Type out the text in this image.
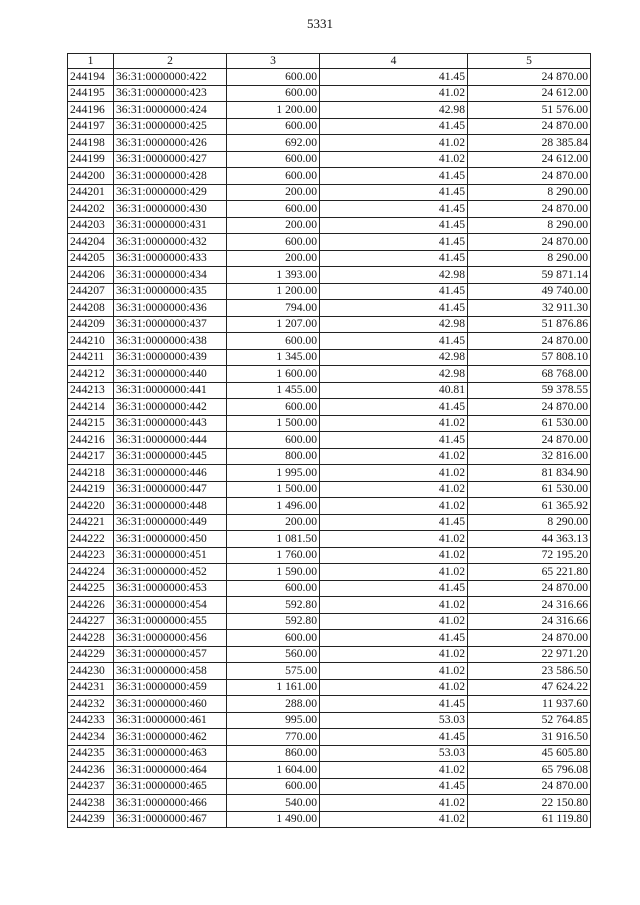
5331
1	2	3	4	5
244194	36:31:0000000:422	600.00	41.45	24 870.00
244195	36:31:0000000:423	600.00	41.02	24 612.00
244196	36:31:0000000:424	1 200.00	42.98	51 576.00
244197	36:31:0000000:425	600.00	41.45	24 870.00
244198	36:31:0000000:426	692.00	41.02	28 385.84
244199	36:31:0000000:427	600.00	41.02	24 612.00
244200	36:31:0000000:428	600.00	41.45	24 870.00
244201	36:31:0000000:429	200.00	41.45	8 290.00
244202	36:31:0000000:430	600.00	41.45	24 870.00
244203	36:31:0000000:431	200.00	41.45	8 290.00
244204	36:31:0000000:432	600.00	41.45	24 870.00
244205	36:31:0000000:433	200.00	41.45	8 290.00
244206	36:31:0000000:434	1 393.00	42.98	59 871.14
244207	36:31:0000000:435	1 200.00	41.45	49 740.00
244208	36:31:0000000:436	794.00	41.45	32 911.30
244209	36:31:0000000:437	1 207.00	42.98	51 876.86
244210	36:31:0000000:438	600.00	41.45	24 870.00
244211	36:31:0000000:439	1 345.00	42.98	57 808.10
244212	36:31:0000000:440	1 600.00	42.98	68 768.00
244213	36:31:0000000:441	1 455.00	40.81	59 378.55
244214	36:31:0000000:442	600.00	41.45	24 870.00
244215	36:31:0000000:443	1 500.00	41.02	61 530.00
244216	36:31:0000000:444	600.00	41.45	24 870.00
244217	36:31:0000000:445	800.00	41.02	32 816.00
244218	36:31:0000000:446	1 995.00	41.02	81 834.90
244219	36:31:0000000:447	1 500.00	41.02	61 530.00
244220	36:31:0000000:448	1 496.00	41.02	61 365.92
244221	36:31:0000000:449	200.00	41.45	8 290.00
244222	36:31:0000000:450	1 081.50	41.02	44 363.13
244223	36:31:0000000:451	1 760.00	41.02	72 195.20
244224	36:31:0000000:452	1 590.00	41.02	65 221.80
244225	36:31:0000000:453	600.00	41.45	24 870.00
244226	36:31:0000000:454	592.80	41.02	24 316.66
244227	36:31:0000000:455	592.80	41.02	24 316.66
244228	36:31:0000000:456	600.00	41.45	24 870.00
244229	36:31:0000000:457	560.00	41.02	22 971.20
244230	36:31:0000000:458	575.00	41.02	23 586.50
244231	36:31:0000000:459	1 161.00	41.02	47 624.22
244232	36:31:0000000:460	288.00	41.45	11 937.60
244233	36:31:0000000:461	995.00	53.03	52 764.85
244234	36:31:0000000:462	770.00	41.45	31 916.50
244235	36:31:0000000:463	860.00	53.03	45 605.80
244236	36:31:0000000:464	1 604.00	41.02	65 796.08
244237	36:31:0000000:465	600.00	41.45	24 870.00
244238	36:31:0000000:466	540.00	41.02	22 150.80
244239	36:31:0000000:467	1 490.00	41.02	61 119.80
